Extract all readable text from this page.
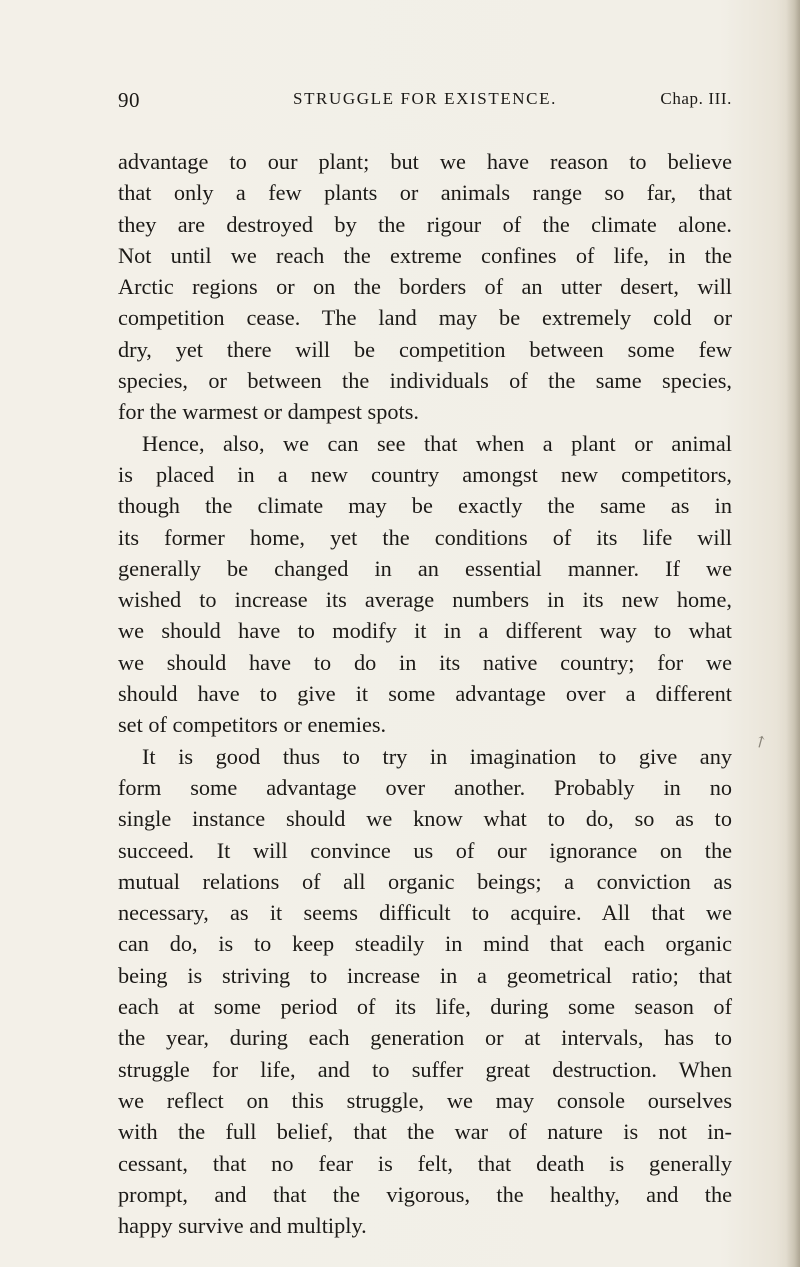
90	STRUGGLE FOR EXISTENCE.	Chap. III.
advantage to our plant; but we have reason to believe
that only a few plants or animals range so far, that
they are destroyed by the rigour of the climate alone.
Not until we reach the extreme confines of life, in the
Arctic regions or on the borders of an utter desert, will
competition cease. The land may be extremely cold or
dry, yet there will be competition between some few
species, or between the individuals of the same species,
for the warmest or dampest spots.
Hence, also, we can see that when a plant or animal
is placed in a new country amongst new competitors,
though the climate may be exactly the same as in
its former home, yet the conditions of its life will
generally be changed in an essential manner. If we
wished to increase its average numbers in its new home,
we should have to modify it in a different way to what
we should have to do in its native country; for we
should have to give it some advantage over a different
set of competitors or enemies.
It is good thus to try in imagination to give any
form some advantage over another. Probably in no
single instance should we know what to do, so as to
succeed. It will convince us of our ignorance on the
mutual relations of all organic beings; a conviction as
necessary, as it seems difficult to acquire. All that we
can do, is to keep steadily in mind that each organic
being is striving to increase in a geometrical ratio; that
each at some period of its life, during some season of
the year, during each generation or at intervals, has to
struggle for life, and to suffer great destruction. When
we reflect on this struggle, we may console ourselves
with the full belief, that the war of nature is not in-
cessant, that no fear is felt, that death is generally
prompt, and that the vigorous, the healthy, and the
happy survive and multiply.
↗
